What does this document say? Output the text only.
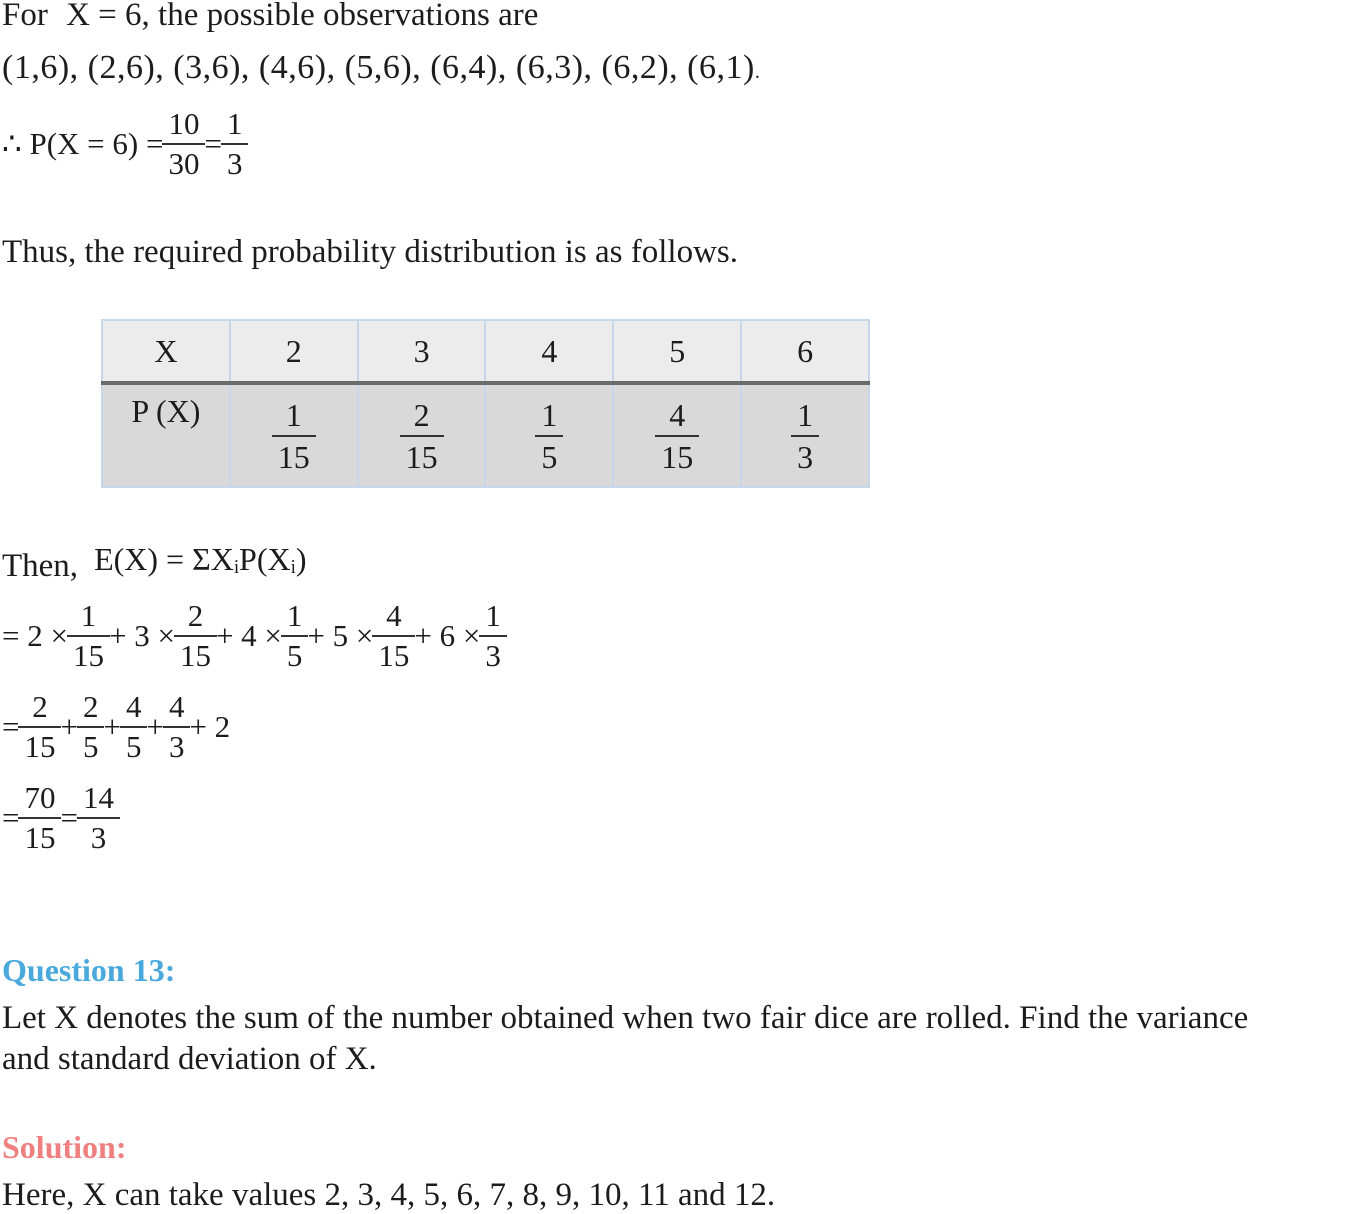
For X = 6, the possible observations are
(1,6), (2,6), (3,6), (4,6), (5,6), (6,4), (6,3), (6,2), (6,1).
∴ $P(X = 6) = \frac{10}{30} = \frac{1}{3}$
Thus, the required probability distribution is as follows.
X	2	3	4	5	6
P (X)	$\frac{1}{15}$	$\frac{2}{15}$	$\frac{1}{5}$	$\frac{4}{15}$	$\frac{1}{3}$
Then, E(X) = ΣXᵢP(Xᵢ)
= $2 \times \frac{1}{15} + 3 \times \frac{2}{15} + 4 \times \frac{1}{5} + 5 \times \frac{4}{15} + 6 \times \frac{1}{3}$
= $\frac{2}{15} + \frac{2}{5} + \frac{4}{5} + \frac{4}{3} + 2$
= $\frac{70}{15} = \frac{14}{3}$
Question 13:
Let X denotes the sum of the number obtained when two fair dice are rolled. Find the variance
and standard deviation of X.
Solution:
Here, X can take values 2, 3, 4, 5, 6, 7, 8, 9, 10, 11 and 12.
